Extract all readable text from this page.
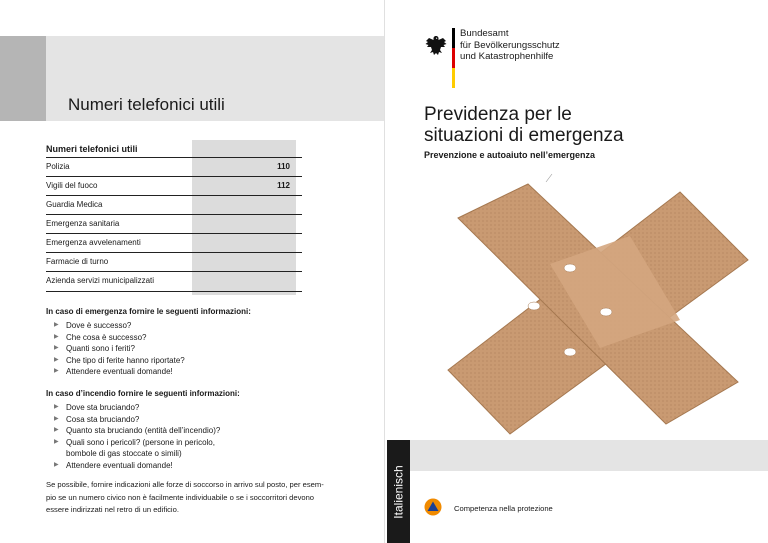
Numeri telefonici utili
Numeri telefonici utili
Polizia	110
Vigili del fuoco	112
Guardia Medica
Emergenza sanitaria
Emergenza avvelenamenti
Farmacie di turno
Azienda servizi municipalizzati
In caso di emergenza fornire le seguenti informazioni:
▶ Dove è successo?
▶ Che cosa è successo?
▶ Quanti sono i feriti?
▶ Che tipo di ferite hanno riportate?
▶ Attendere eventuali domande!
In caso d’incendio fornire le seguenti informazioni:
▶ Dove sta bruciando?
▶ Cosa sta bruciando?
▶ Quanto sta bruciando (entità dell’incendio)?
▶ Quali sono i pericoli? (persone in pericolo,
bombole di gas stoccate o simili)
▶ Attendere eventuali domande!
Se possibile, fornire indicazioni alle forze di soccorso in arrivo sul posto, per esem-
pio se un numero civico non è facilmente individuabile o se i soccorritori devono
essere indirizzati nel retro di un edificio.	Italienisch
Bundesamt
für Bevölkerungsschutz
und Katastrophenhilfe
Previdenza per le
situazioni di emergenza
Prevenzione e autoaiuto nell’emergenza
Competenza nella protezione
